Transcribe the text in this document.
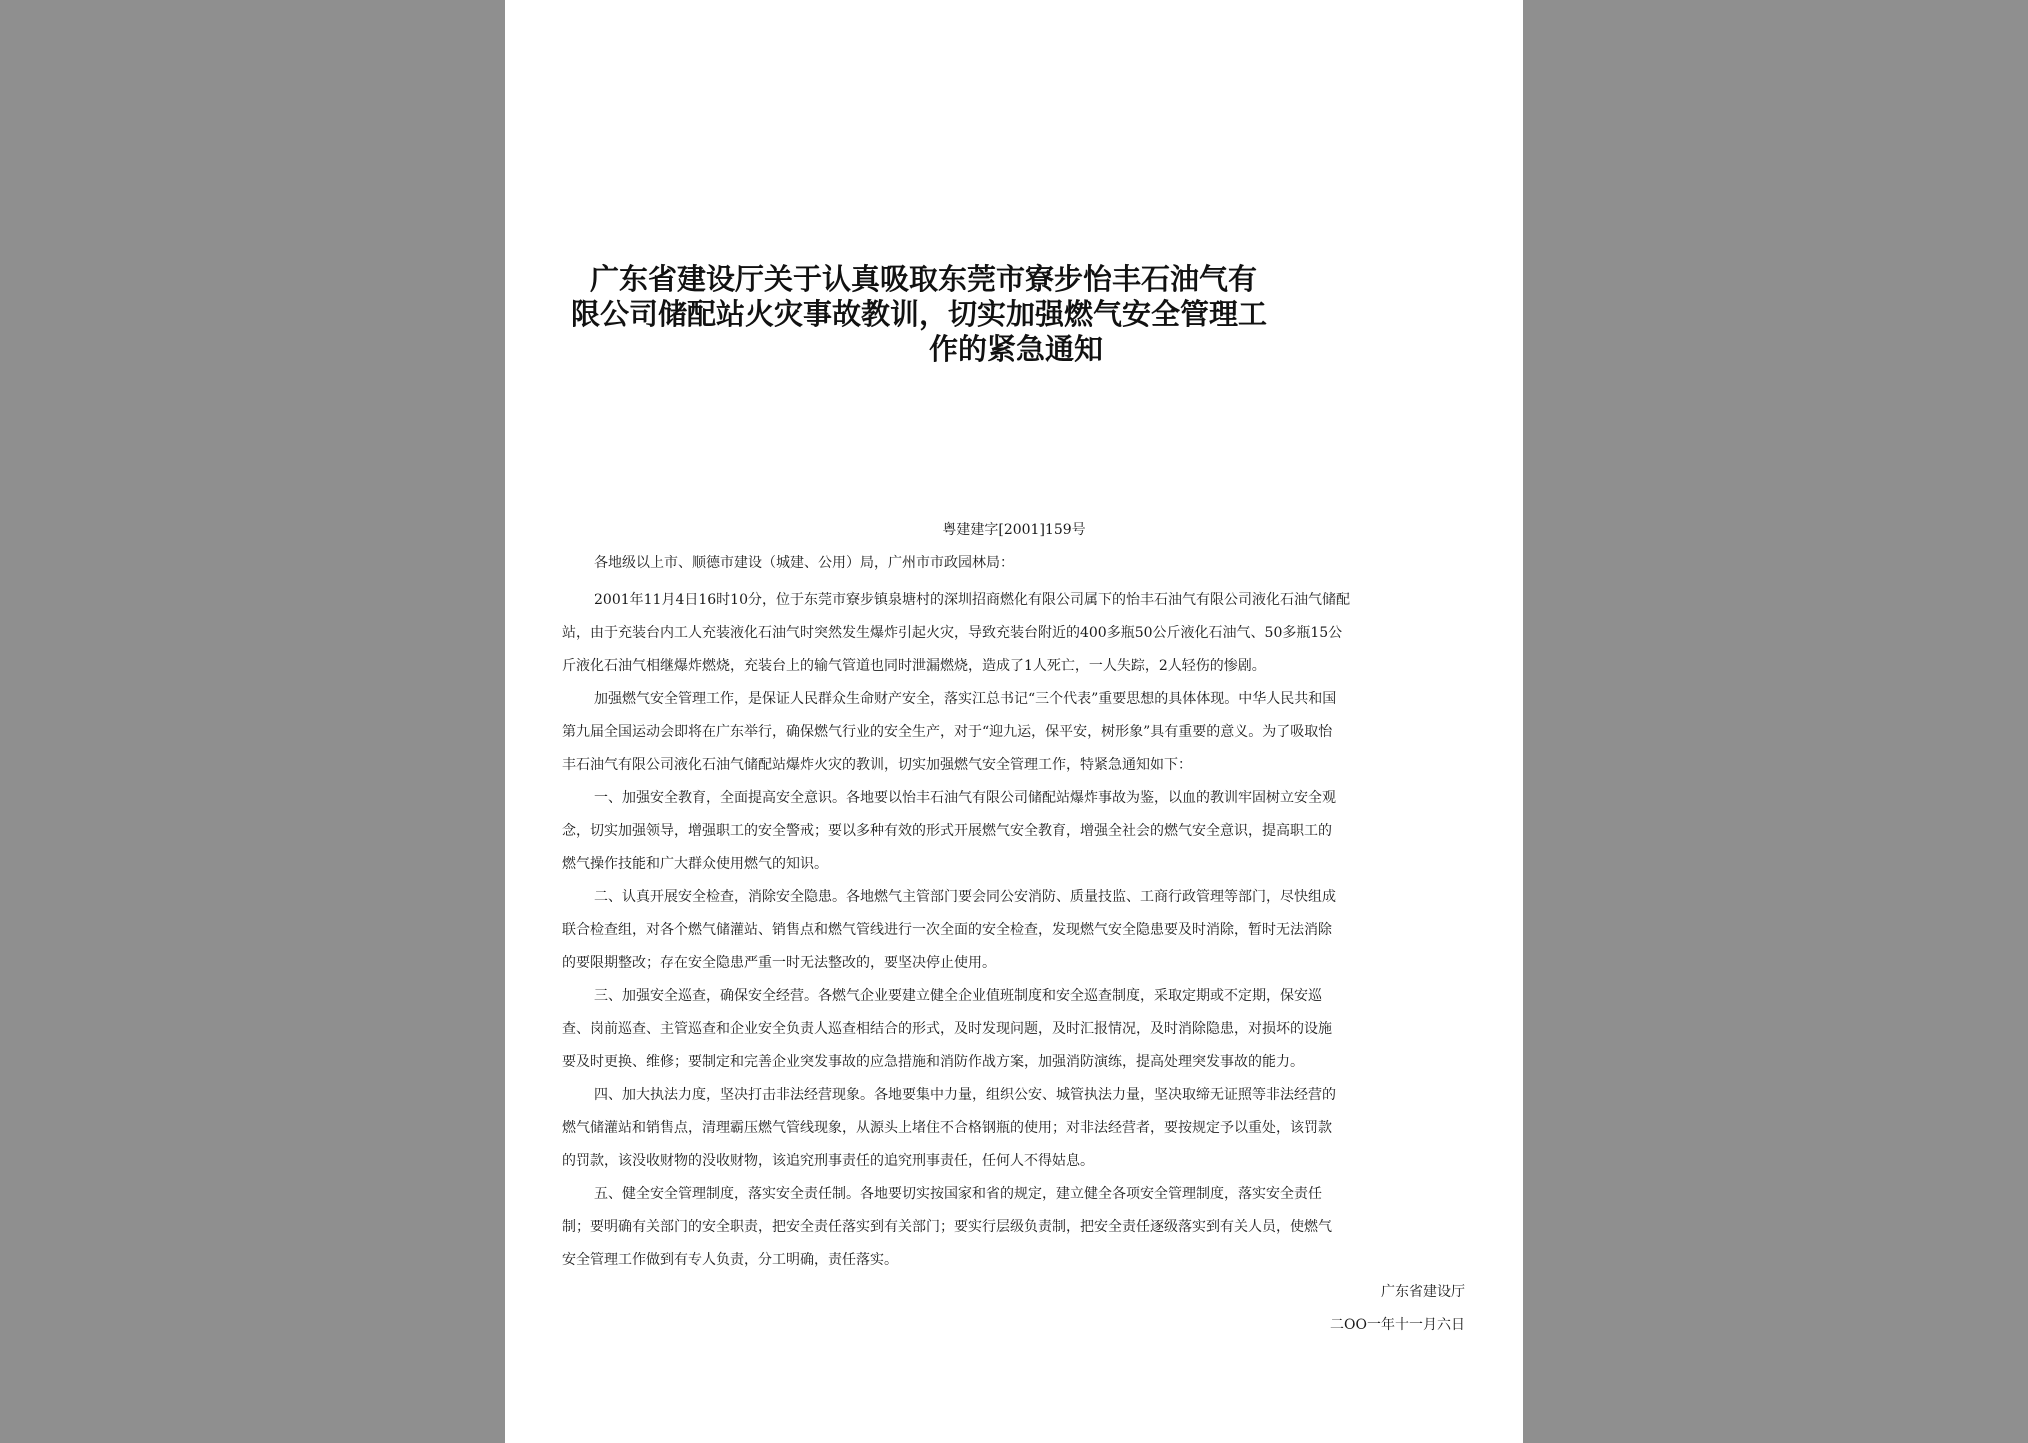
广东省建设厅关于认真吸取东莞市寮步怡丰石油气有
限公司储配站火灾事故教训，切实加强燃气安全管理工
作的紧急通知
粤建建字[2001]159号
各地级以上市、顺德市建设（城建、公用）局，广州市市政园林局：

2001年11月4日16时10分，位于东莞市寮步镇泉塘村的深圳招商燃化有限公司属下的怡丰石油气有限公司液化石油气储配
站，由于充装台内工人充装液化石油气时突然发生爆炸引起火灾，导致充装台附近的400多瓶50公斤液化石油气、50多瓶15公
斤液化石油气相继爆炸燃烧，充装台上的输气管道也同时泄漏燃烧，造成了1人死亡，一人失踪，2人轻伤的惨剧。

加强燃气安全管理工作，是保证人民群众生命财产安全，落实江总书记“三个代表”重要思想的具体体现。中华人民共和国
第九届全国运动会即将在广东举行，确保燃气行业的安全生产，对于“迎九运，保平安，树形象”具有重要的意义。为了吸取怡
丰石油气有限公司液化石油气储配站爆炸火灾的教训，切实加强燃气安全管理工作，特紧急通知如下：

一、加强安全教育，全面提高安全意识。各地要以怡丰石油气有限公司储配站爆炸事故为鉴，以血的教训牢固树立安全观
念，切实加强领导，增强职工的安全警戒；要以多种有效的形式开展燃气安全教育，增强全社会的燃气安全意识，提高职工的
燃气操作技能和广大群众使用燃气的知识。

二、认真开展安全检查，消除安全隐患。各地燃气主管部门要会同公安消防、质量技监、工商行政管理等部门，尽快组成
联合检查组，对各个燃气储灌站、销售点和燃气管线进行一次全面的安全检查，发现燃气安全隐患要及时消除，暂时无法消除
的要限期整改；存在安全隐患严重一时无法整改的，要坚决停止使用。

三、加强安全巡查，确保安全经营。各燃气企业要建立健全企业值班制度和安全巡查制度，采取定期或不定期，保安巡
查、岗前巡查、主管巡查和企业安全负责人巡查相结合的形式，及时发现问题，及时汇报情况，及时消除隐患，对损坏的设施
要及时更换、维修；要制定和完善企业突发事故的应急措施和消防作战方案，加强消防演练，提高处理突发事故的能力。

四、加大执法力度，坚决打击非法经营现象。各地要集中力量，组织公安、城管执法力量，坚决取缔无证照等非法经营的
燃气储灌站和销售点，清理霸压燃气管线现象，从源头上堵住不合格钢瓶的使用；对非法经营者，要按规定予以重处，该罚款
的罚款，该没收财物的没收财物，该追究刑事责任的追究刑事责任，任何人不得姑息。

五、健全安全管理制度，落实安全责任制。各地要切实按国家和省的规定，建立健全各项安全管理制度，落实安全责任
制；要明确有关部门的安全职责，把安全责任落实到有关部门；要实行层级负责制，把安全责任逐级落实到有关人员，使燃气
安全管理工作做到有专人负责，分工明确，责任落实。

广东省建设厅
二OO一年十一月六日
